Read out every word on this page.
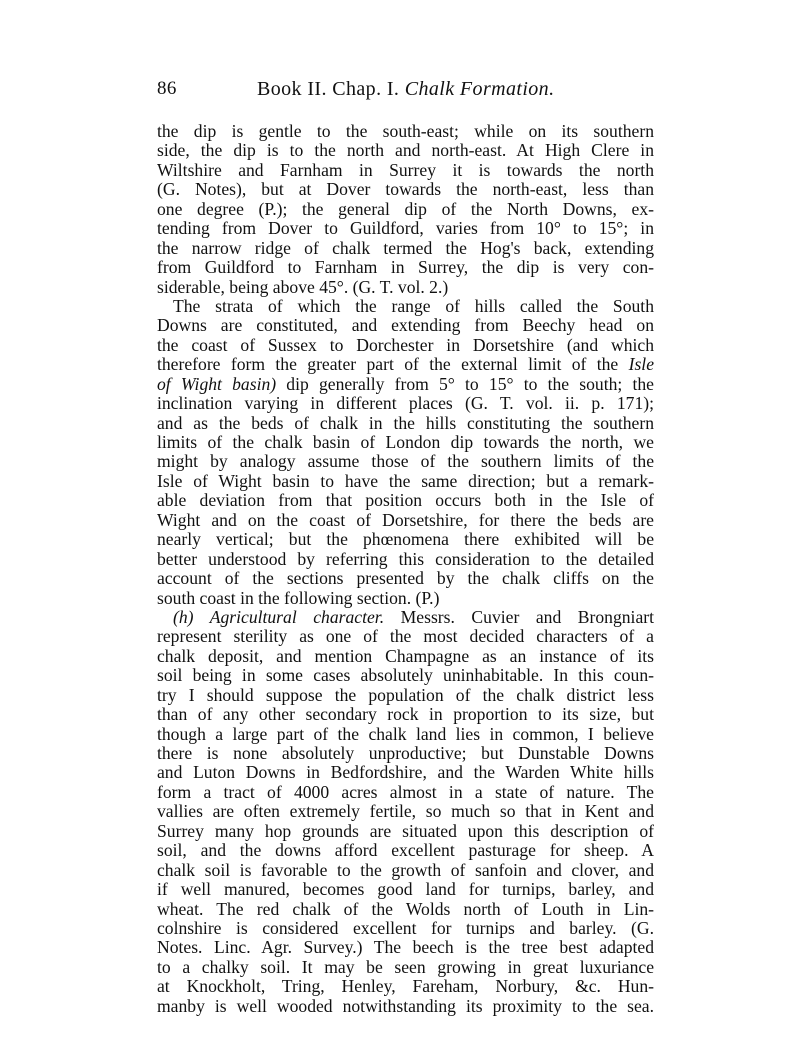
86	Book II. Chap. I. Chalk Formation.
the dip is gentle to the south-east; while on its southern
side, the dip is to the north and north-east. At High Clere in
Wiltshire and Farnham in Surrey it is towards the north
(G. Notes), but at Dover towards the north-east, less than
one degree (P.); the general dip of the North Downs, ex-
tending from Dover to Guildford, varies from 10° to 15°; in
the narrow ridge of chalk termed the Hog's back, extending
from Guildford to Farnham in Surrey, the dip is very con-
siderable, being above 45°. (G. T. vol. 2.)
The strata of which the range of hills called the South
Downs are constituted, and extending from Beechy head on
the coast of Sussex to Dorchester in Dorsetshire (and which
therefore form the greater part of the external limit of the Isle
of Wight basin) dip generally from 5° to 15° to the south; the
inclination varying in different places (G. T. vol. ii. p. 171);
and as the beds of chalk in the hills constituting the southern
limits of the chalk basin of London dip towards the north, we
might by analogy assume those of the southern limits of the
Isle of Wight basin to have the same direction; but a remark-
able deviation from that position occurs both in the Isle of
Wight and on the coast of Dorsetshire, for there the beds are
nearly vertical; but the phœnomena there exhibited will be
better understood by referring this consideration to the detailed
account of the sections presented by the chalk cliffs on the
south coast in the following section. (P.)
(h) Agricultural character. Messrs. Cuvier and Brongniart
represent sterility as one of the most decided characters of a
chalk deposit, and mention Champagne as an instance of its
soil being in some cases absolutely uninhabitable. In this coun-
try I should suppose the population of the chalk district less
than of any other secondary rock in proportion to its size, but
though a large part of the chalk land lies in common, I believe
there is none absolutely unproductive; but Dunstable Downs
and Luton Downs in Bedfordshire, and the Warden White hills
form a tract of 4000 acres almost in a state of nature. The
vallies are often extremely fertile, so much so that in Kent and
Surrey many hop grounds are situated upon this description of
soil, and the downs afford excellent pasturage for sheep. A
chalk soil is favorable to the growth of sanfoin and clover, and
if well manured, becomes good land for turnips, barley, and
wheat. The red chalk of the Wolds north of Louth in Lin-
colnshire is considered excellent for turnips and barley. (G.
Notes. Linc. Agr. Survey.) The beech is the tree best adapted
to a chalky soil. It may be seen growing in great luxuriance
at Knockholt, Tring, Henley, Fareham, Norbury, &c. Hun-
manby is well wooded notwithstanding its proximity to the sea.
